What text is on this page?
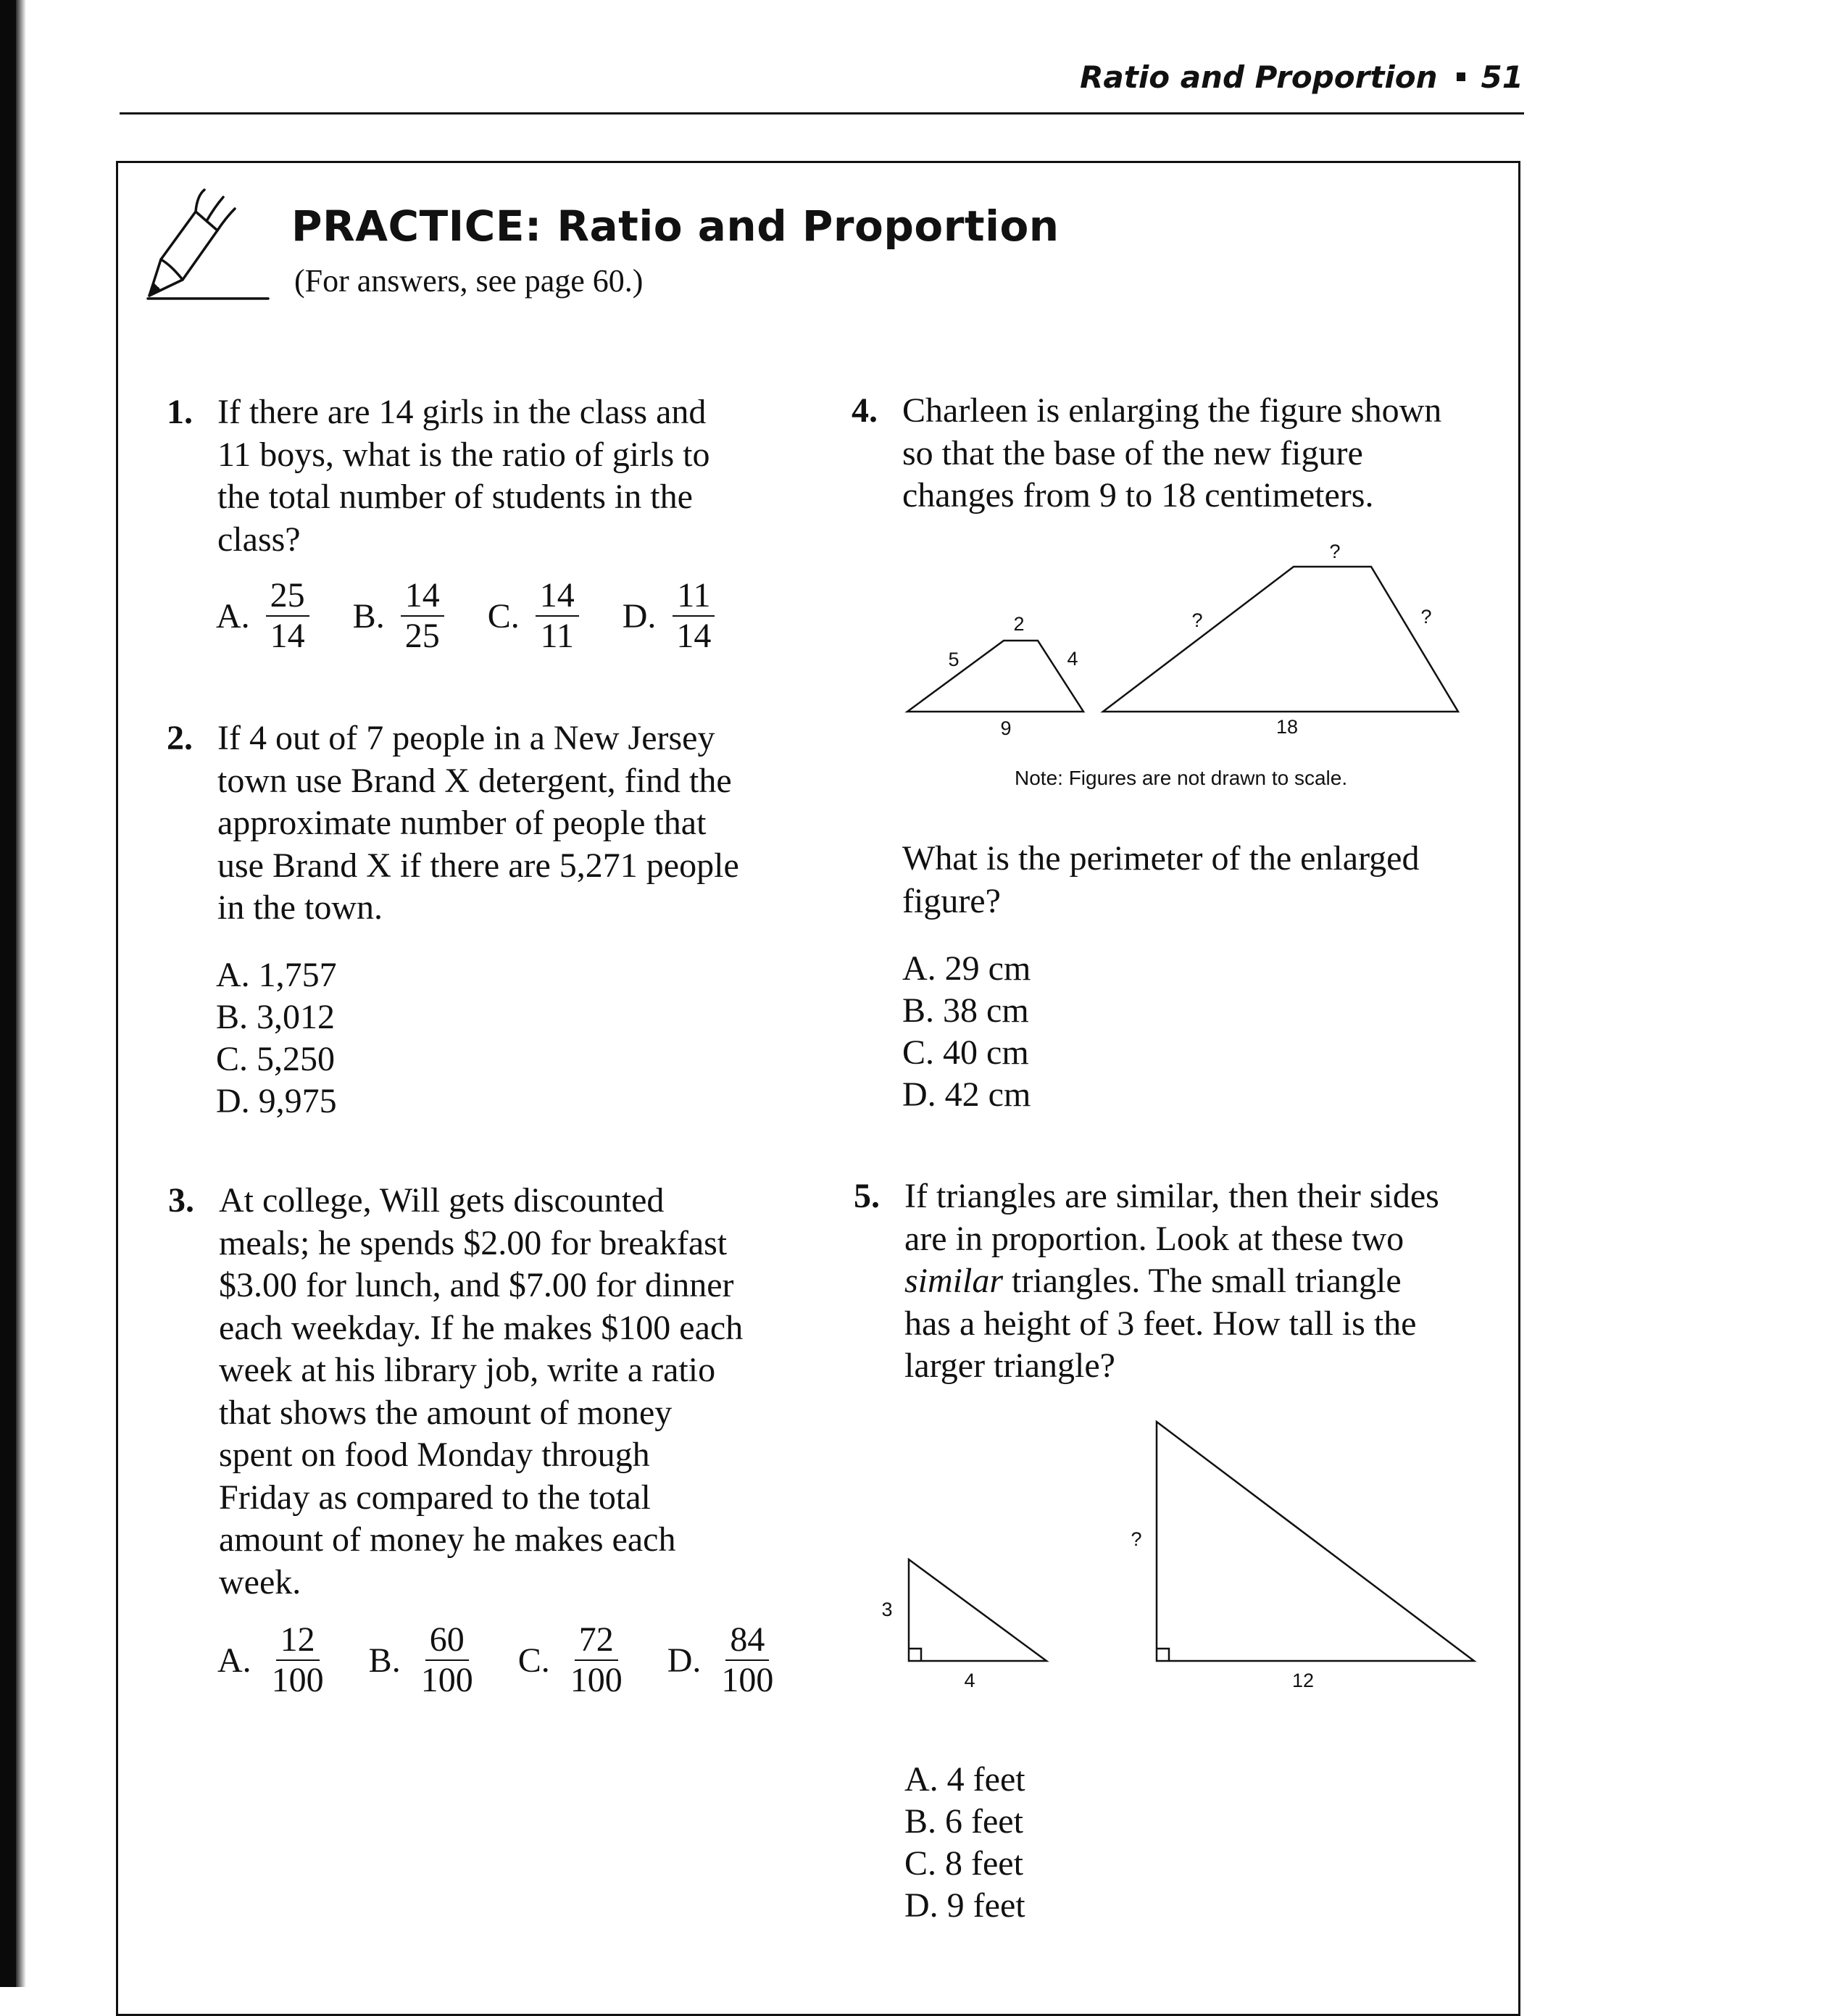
Ratio and Proportion 51
PRACTICE: Ratio and Proportion
(For answers, see page 60.)
1. If there are 14 girls in the class and

11 boys, what is the ratio of girls to

the total number of students in the

class?

A. $\frac{25}{14} B$. $\frac{14}{25} C$. $\frac{14}{11} D$. $\frac{11}{14}$
2. If 4 out of 7 people in a New Jersey

town use Brand X detergent, find the

approximate number of people that

use Brand X if there are 5,271 people

in the town.

A. 1,757
B. 3,012
C. 5,250
D. 9,975
3. At college, Will gets discounted

meals; he spends $2.00 for breakfast

$3.00 for lunch, and $7.00 for dinner

each weekday. If he makes $100 each

week at his library job, write a ratio

that shows the amount of money

spent on food Monday through

Friday as compared to the total

amount of money he makes each

week.

A. $\frac{12}{100} B$. $\frac{60}{100} C$. $\frac{72}{100} D$. $\frac{84}{100}$
4. Charleen is enlarging the figure shown

so that the base of the new figure

changes from 9 to 18 centimeters.

2
5	4
9
?
?	?
18
3
4
?
12
Note: Figures are not drawn to scale.

What is the perimeter of the enlarged

figure?

A. 29 cm
B. 38 cm
C. 40 cm
D. 42 cm
5. If triangles are similar, then their sides

are in proportion. Look at these two

similar triangles. The small triangle

has a height of 3 feet. How tall is the

larger triangle?

A. 4 feet
B. 6 feet
C. 8 feet
D. 9 feet
